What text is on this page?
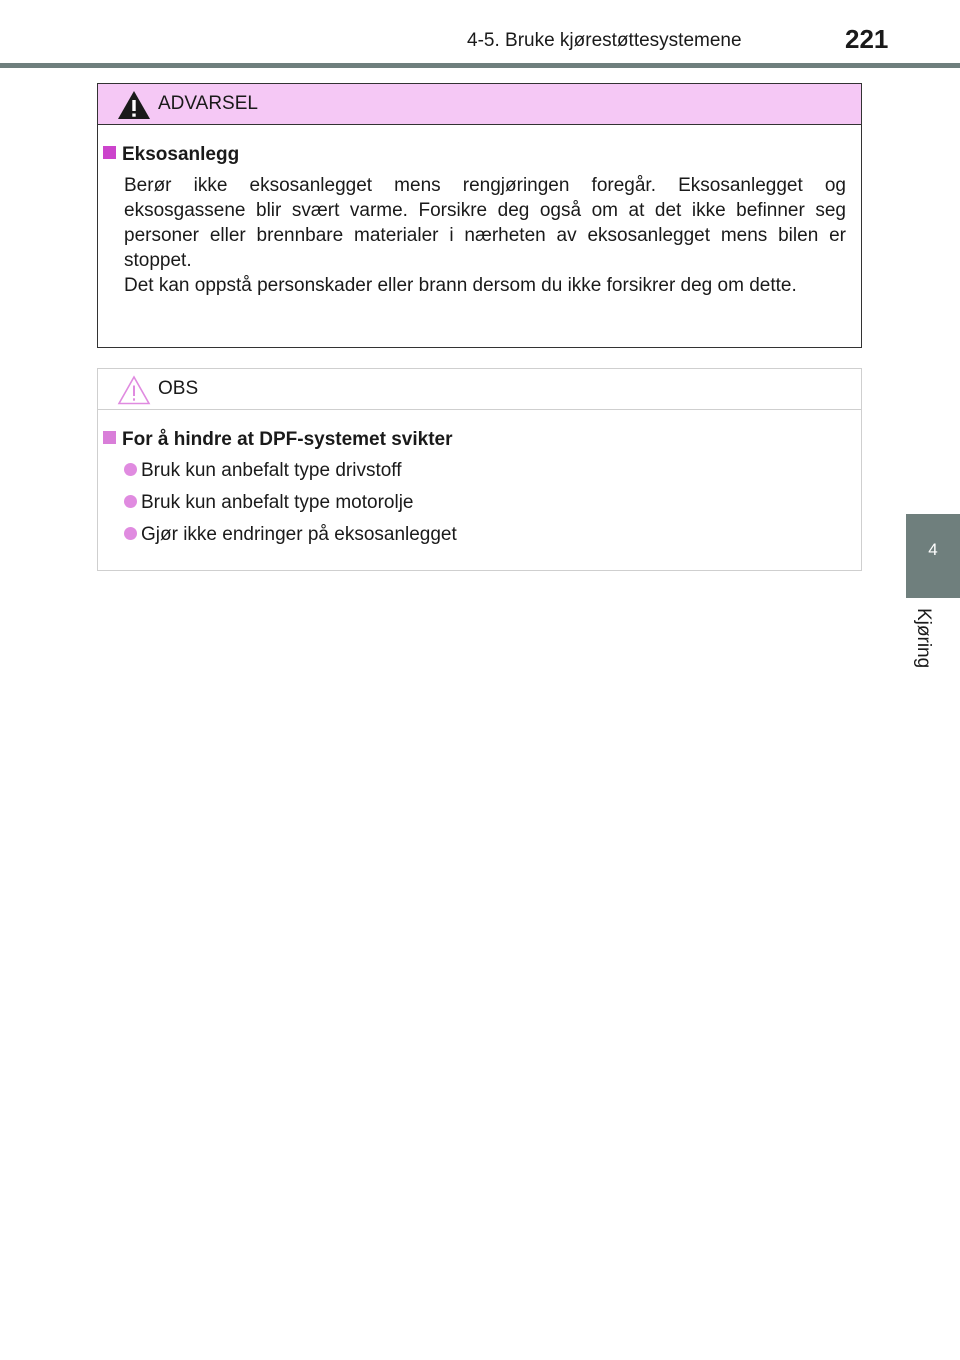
4-5. Bruke kjørestøttesystemene	221
4
Kjøring
ADVARSEL
Eksosanlegg

Berør ikke eksosanlegget mens rengjøringen foregår. Eksosanlegget og eksosgassene blir svært varme. Forsikre deg også om at det ikke befinner seg personer eller brennbare materialer i nærheten av eksosanlegget mens bilen er stoppet.

Det kan oppstå personskader eller brann dersom du ikke forsikrer deg om dette.

OBS
For å hindre at DPF-systemet svikter
Bruk kun anbefalt type drivstoff
Bruk kun anbefalt type motorolje
Gjør ikke endringer på eksosanlegget
